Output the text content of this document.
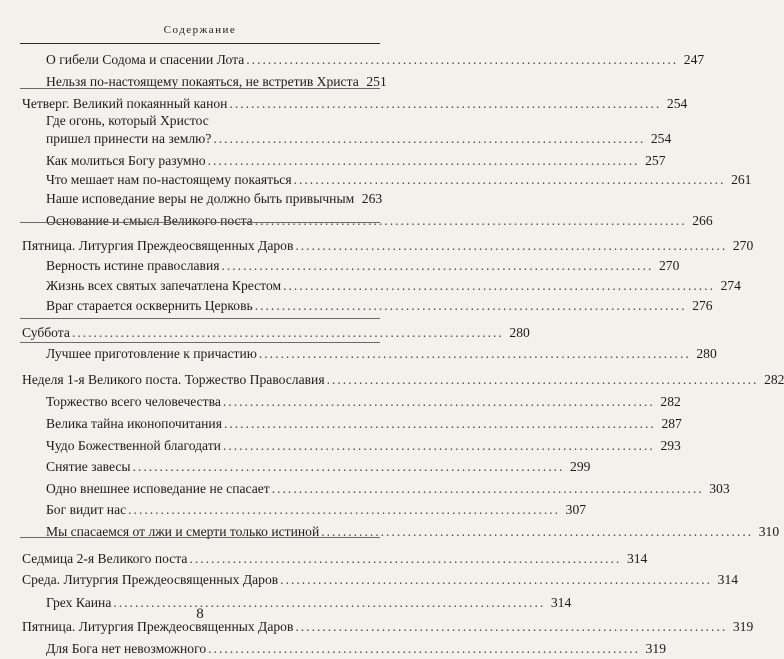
Содержание
О гибели Содома и спасении Лота ................................................................................ 247
Нельзя по-настоящему покаяться, не встретив Христа 251
Четверг. Великий покаянный канон ................................................................................ 254
Где огонь, который Христос
пришел принести на землю? ................................................................................ 254
Как молиться Богу разумно ................................................................................ 257
Что мешает нам по-настоящему покаяться ................................................................................ 261
Наше исповедание веры не должно быть привычным 263
Основание и смысл Великого поста ................................................................................ 266
Пятница. Литургия Преждеосвященных Даров ................................................................................ 270
Верность истине православия ................................................................................ 270
Жизнь всех святых запечатлена Крестом ................................................................................ 274
Враг старается осквернить Церковь ................................................................................ 276
Суббота ................................................................................ 280
Лучшее приготовление к причастию ................................................................................ 280
Неделя 1-я Великого поста. Торжество Православия ................................................................................ 282
Торжество всего человечества ................................................................................ 282
Велика тайна иконопочитания ................................................................................ 287
Чудо Божественной благодати ................................................................................ 293
Снятие завесы ................................................................................ 299
Одно внешнее исповедание не спасает ................................................................................ 303
Бог видит нас ................................................................................ 307
Мы спасаемся от лжи и смерти только истиной ................................................................................ 310
Седмица 2-я Великого поста ................................................................................ 314
Среда. Литургия Преждеосвященных Даров ................................................................................ 314
Грех Каина ................................................................................ 314
Пятница. Литургия Преждеосвященных Даров ................................................................................ 319
Для Бога нет невозможного ................................................................................ 319
8
